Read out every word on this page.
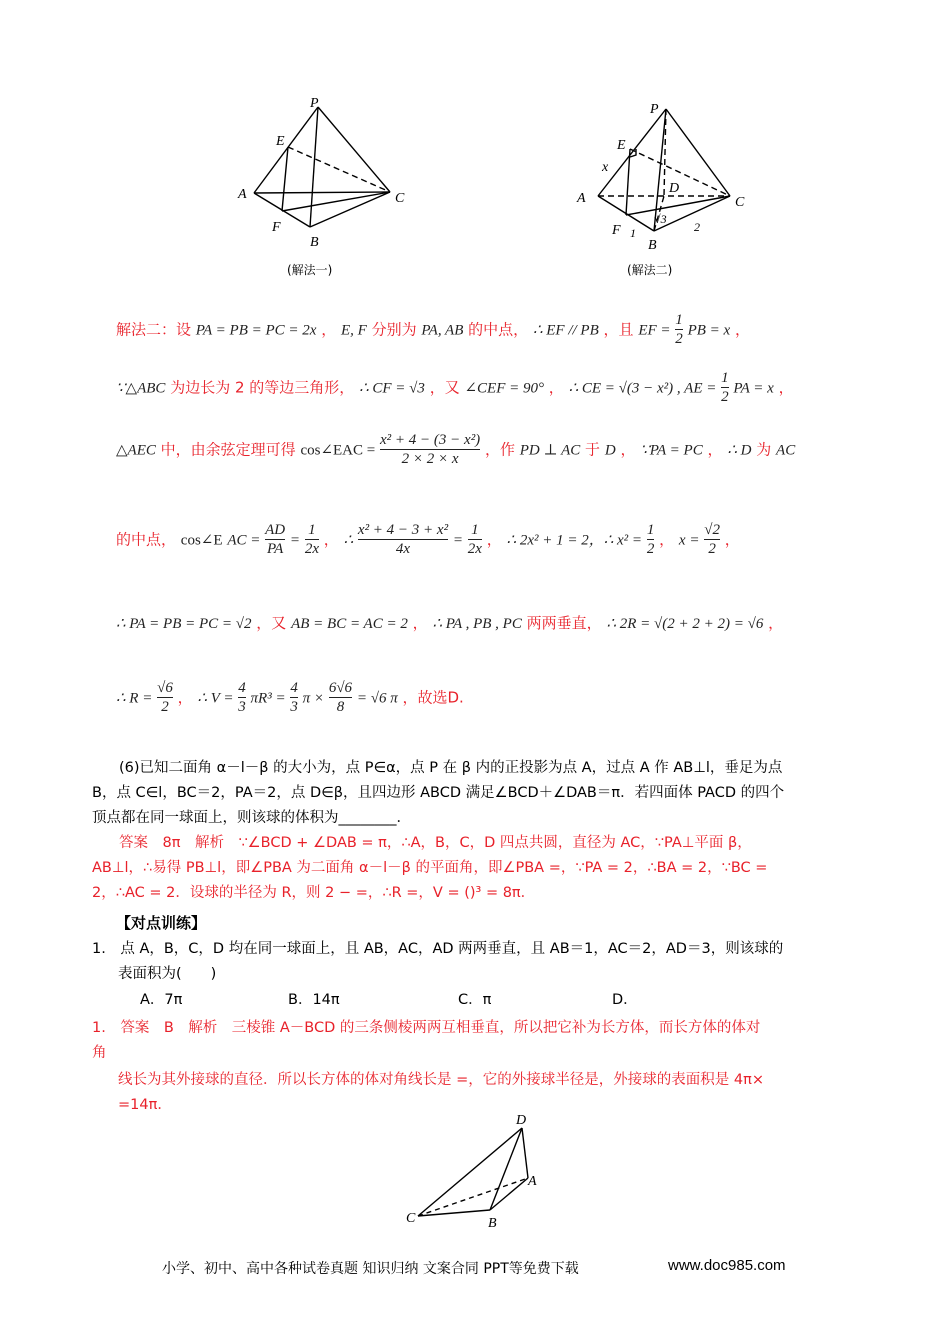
P
E
A	C
F
B
(解法一)
P
E
x
D
A	C
F 1
√3
B
2
(解法二)
解法二：设 PA = PB = PC = 2x ， E, F 分别为 PA, AB 的中点， ∴ EF // PB ，且 EF = $\frac{1}{2}$ PB = x ，
∵△ABC 为边长为 2 的等边三角形， ∴ CF = √3 ，又 ∠CEF = 90° ， ∴ CE = √(3 − x²) , AE = $\frac{1}{2}$ PA = x ，
△AEC 中，由余弦定理可得 cos∠EAC = $\frac{\text{x² + 4 − (3 − x²)}}{2 \times 2 \times x}$ ，作 PD ⊥ AC 于 D ， ∵PA = PC ， ∴ D 为 AC
的中点， cos∠E AC = $\frac{AD}{PA} = \frac{1}{2x}$ ， ∴ $\frac{\text{x² + 4 − 3 + x²}}{4x} = \frac{1}{2x}$ ， ∴ 2x² + 1 = 2，∴ $x^2 = \frac{1}{2}$ ， $x = \frac{√2}{2}$ ，
∴ PA = PB = PC = √2 ，又 AB = BC = AC = 2 ， ∴ PA , PB , PC 两两垂直， ∴ 2R = √(2 + 2 + 2) = √6 ，
∴ $R = \frac{√6}{2}$ ， ∴ $V = \frac{4}{3} \pi R^3 = \frac{4}{3}$ $\pi \times \frac{6√6}{8} = √6$ π ，故选D.
(6)已知二面角 α－l－β 的大小为，点 P∈α，点 P 在 β 内的正投影为点 A，过点 A 作 AB⊥l，垂足为点
B，点 C∈l，BC＝2，PA＝2，点 D∈β，且四边形 ABCD 满足∠BCD＋∠DAB＝π．若四面体 PACD 的四个
顶点都在同一球面上，则该球的体积为________．
答案　8π　解析　∵∠BCD + ∠DAB = π，∴A，B，C，D 四点共圆，直径为 AC，∵PA⊥平面 β，
AB⊥l，∴易得 PB⊥l，即∠PBA 为二面角 α－l－β 的平面角，即∠PBA =，∵PA = 2，∴BA = 2，∵BC =
2，∴AC = 2．设球的半径为 R，则 2 − =，∴R =，V = ()³ = 8π．
【对点训练】
1.　点 A，B，C，D 均在同一球面上，且 AB，AC，AD 两两垂直，且 AB＝1，AC＝2，AD＝3，则该球的
表面积为(　　)
A．7π	B．14π	C．π	D．
1.　答案　B　解析　三棱锥 A－BCD 的三条侧棱两两互相垂直，所以把它补为长方体，而长方体的体对
角
线长为其外接球的直径．所以长方体的体对角线长是 =，它的外接球半径是，外接球的表面积是 4π×
=14π．
D
A
C	B
小学、初中、高中各种试卷真题 知识归纳 文案合同 PPT等免费下载	www.doc985.com
